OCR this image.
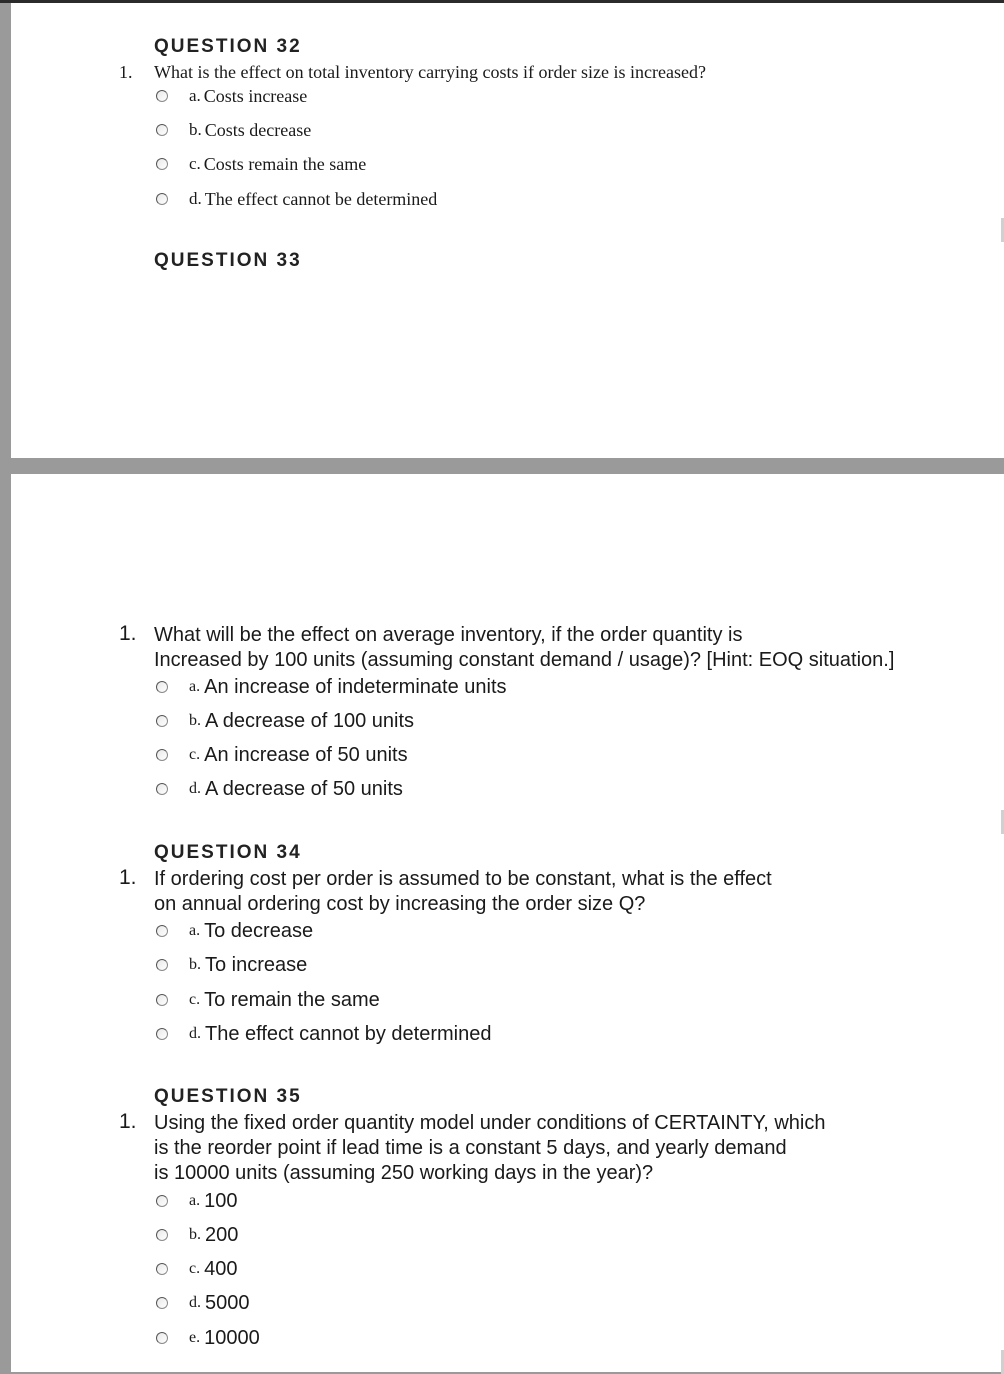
QUESTION 32
1. What is the effect on total inventory carrying costs if order size is increased?
a. Costs increase
b. Costs decrease
c. Costs remain the same
d. The effect cannot be determined
QUESTION 33
1. What will be the effect on average inventory, if the order quantity is
Increased by 100 units (assuming constant demand / usage)? [Hint: EOQ situation.]
a. An increase of indeterminate units
b. A decrease of 100 units
c. An increase of 50 units
d. A decrease of 50 units
QUESTION 34
1. If ordering cost per order is assumed to be constant, what is the effect
on annual ordering cost by increasing the order size Q?
a. To decrease
b. To increase
c. To remain the same
d. The effect cannot by determined
QUESTION 35
1. Using the fixed order quantity model under conditions of CERTAINTY, which
is the reorder point if lead time is a constant 5 days, and yearly demand
is 10000 units (assuming 250 working days in the year)?
a. 100
b. 200
c. 400
d. 5000
e. 10000
